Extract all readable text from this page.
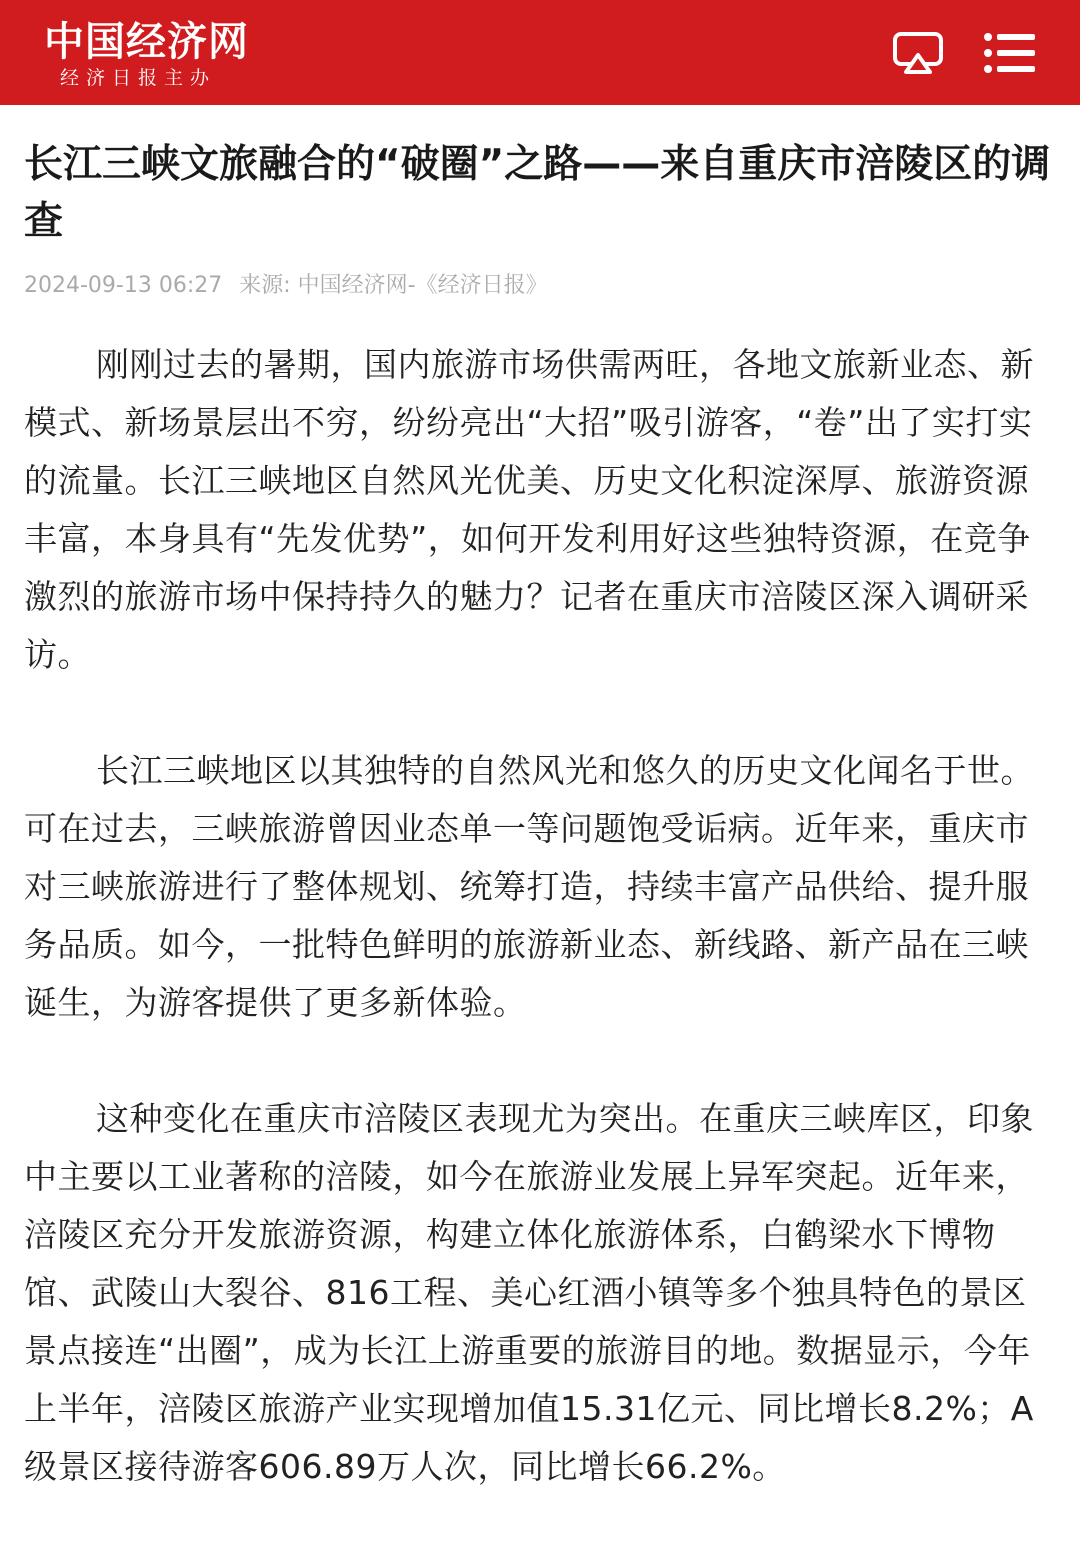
中国经济网
经济日报主办
长江三峡文旅融合的“破圈”之路——来自重庆市涪陵区的调查
2024-09-13 06:27 来源: 中国经济网-《经济日报》

刚刚过去的暑期，国内旅游市场供需两旺，各地文旅新业态、新模式、新场景层出不穷，纷纷亮出“大招”吸引游客，“卷”出了实打实的流量。长江三峡地区自然风光优美、历史文化积淀深厚、旅游资源丰富，本身具有“先发优势”，如何开发利用好这些独特资源，在竞争激烈的旅游市场中保持持久的魅力？记者在重庆市涪陵区深入调研采访。

长江三峡地区以其独特的自然风光和悠久的历史文化闻名于世。可在过去，三峡旅游曾因业态单一等问题饱受诟病。近年来，重庆市对三峡旅游进行了整体规划、统筹打造，持续丰富产品供给、提升服务品质。如今，一批特色鲜明的旅游新业态、新线路、新产品在三峡诞生，为游客提供了更多新体验。

这种变化在重庆市涪陵区表现尤为突出。在重庆三峡库区，印象中主要以工业著称的涪陵，如今在旅游业发展上异军突起。近年来，涪陵区充分开发旅游资源，构建立体化旅游体系，白鹤梁水下博物馆、武陵山大裂谷、816工程、美心红酒小镇等多个独具特色的景区景点接连“出圈”，成为长江上游重要的旅游目的地。数据显示，今年上半年，涪陵区旅游产业实现增加值15.31亿元、同比增长8.2%；A级景区接待游客606.89万人次，同比增长66.2%。
